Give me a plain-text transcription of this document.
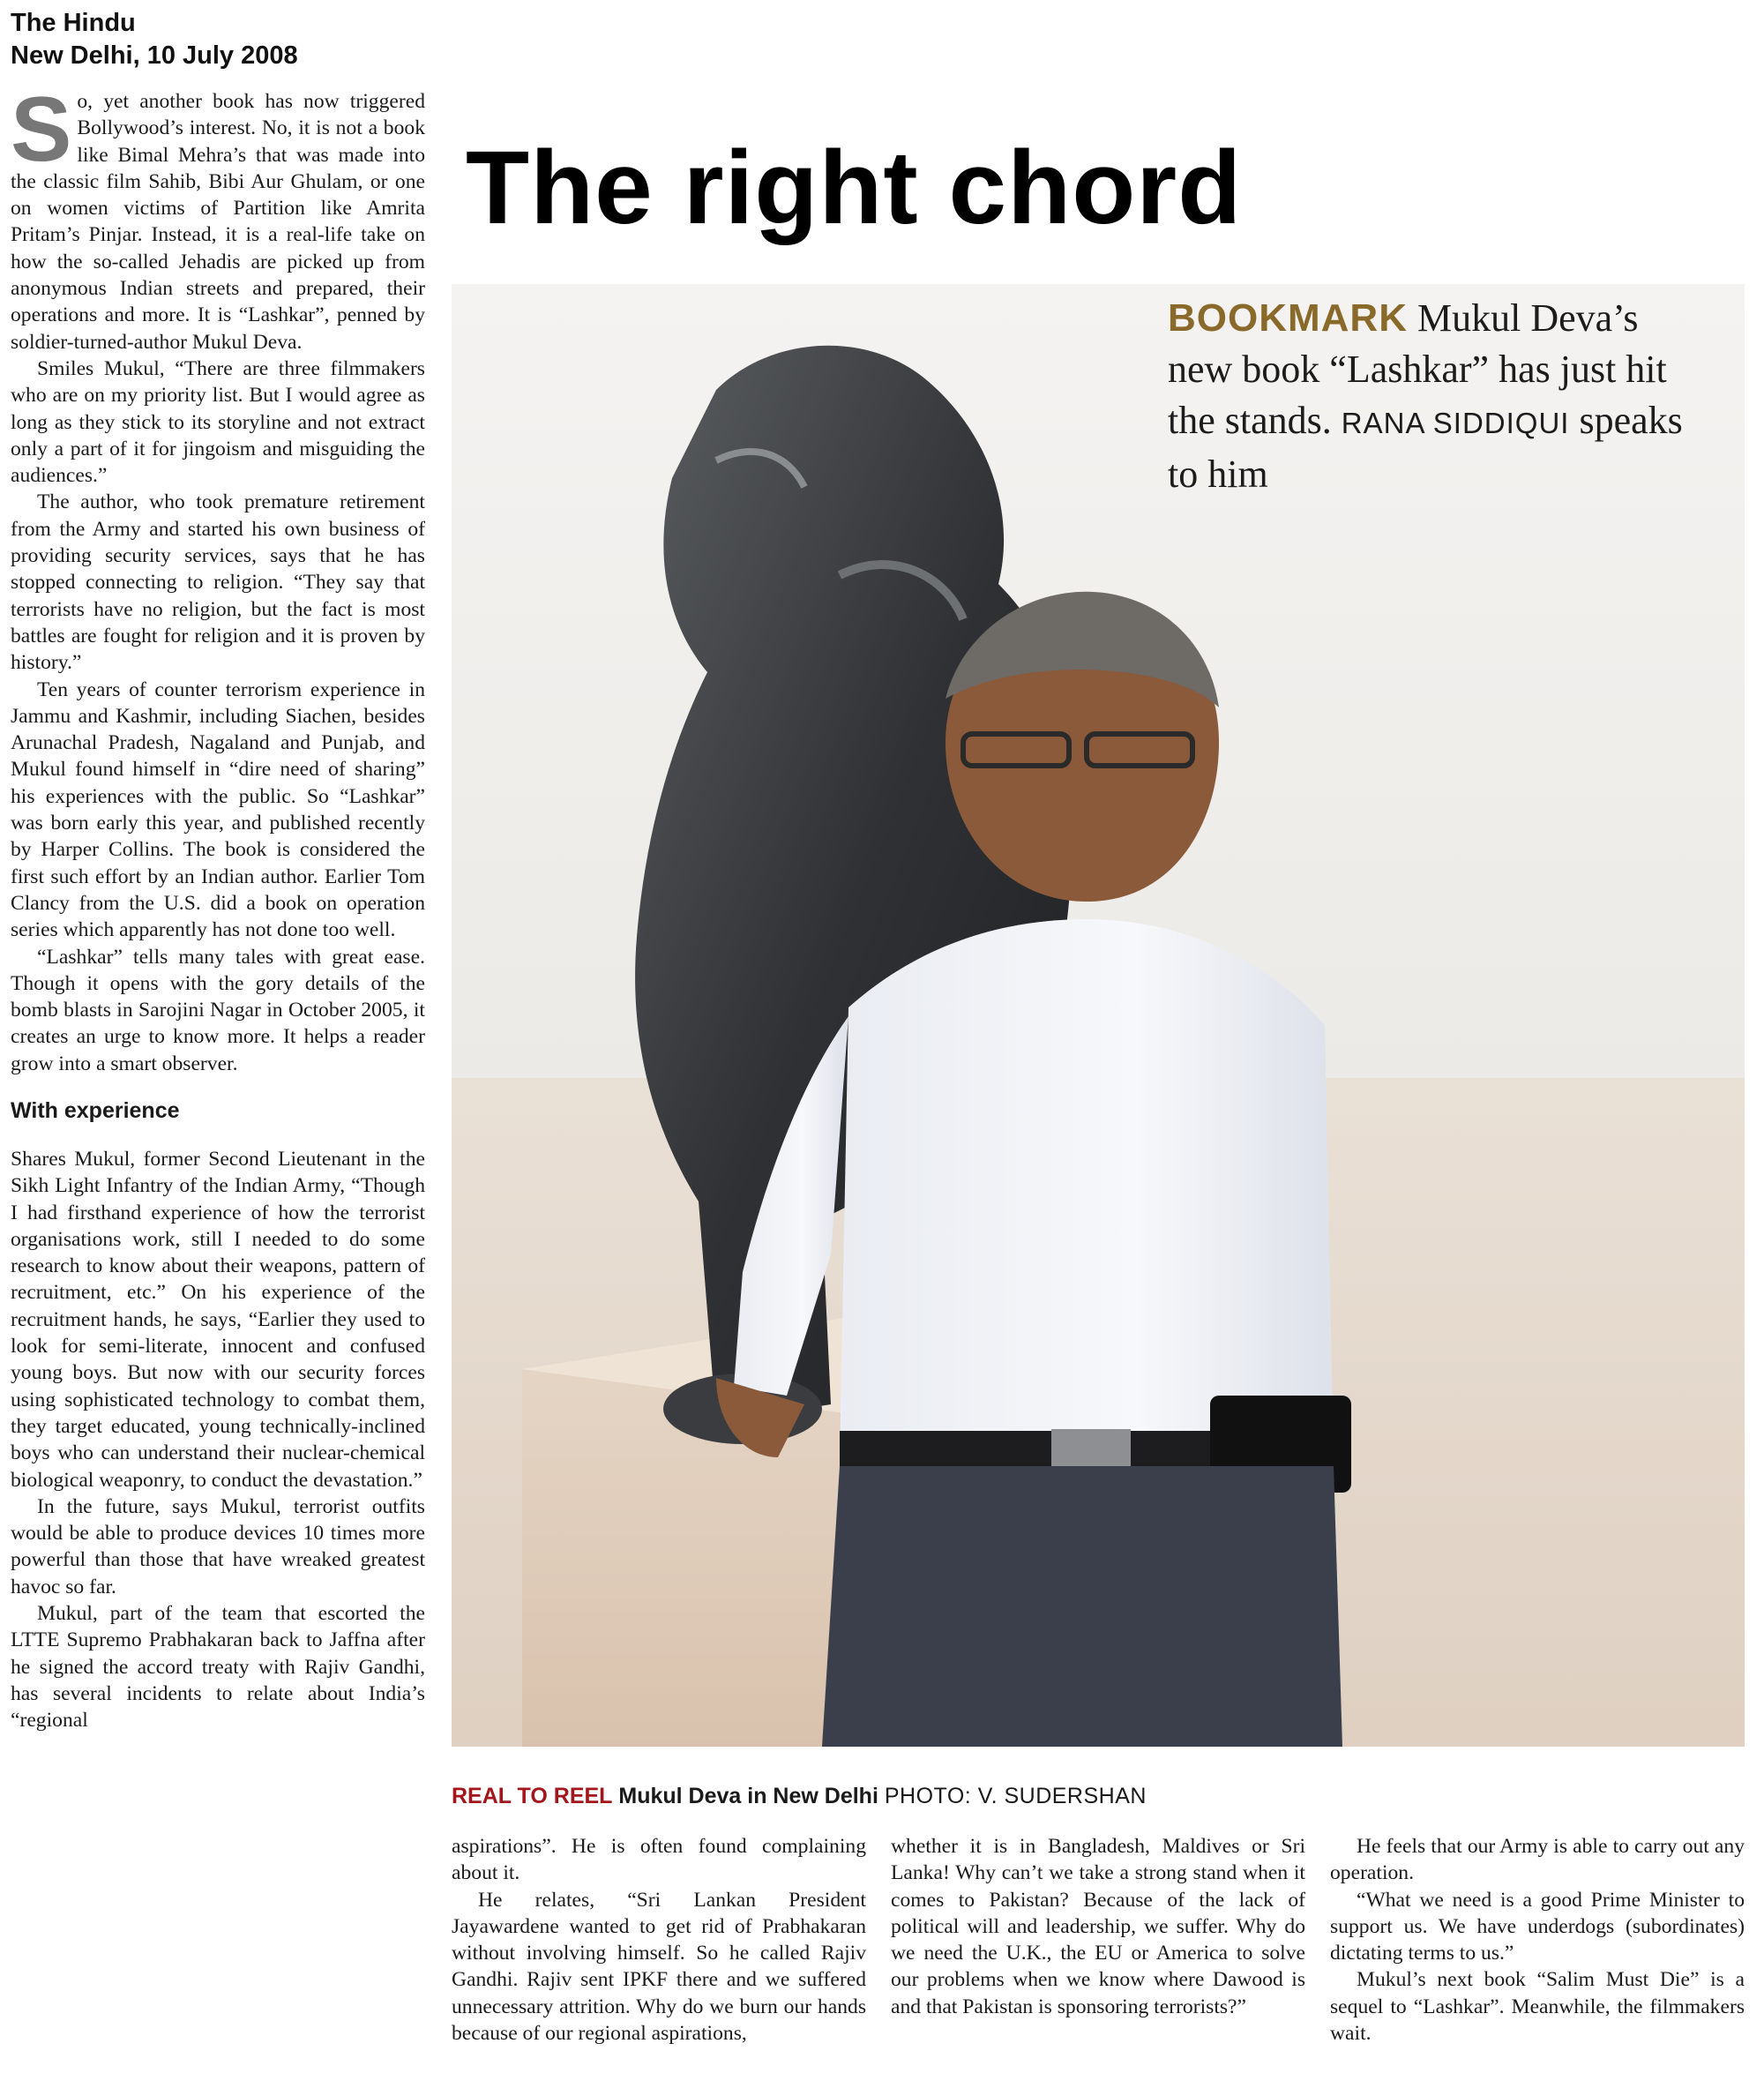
The Hindu
New Delhi, 10 July 2008
The right chord

So, yet another book has now triggered Bollywood’s interest. No, it is not a book like Bimal Mehra’s that was made into the classic film Sahib, Bibi Aur Ghulam, or one on women victims of Partition like Amrita Pritam’s Pinjar. Instead, it is a real-life take on how the so-called Jehadis are picked up from anonymous Indian streets and prepared, their operations and more. It is “Lashkar”, penned by soldier-turned-author Mukul Deva.

Smiles Mukul, “There are three filmmakers who are on my priority list. But I would agree as long as they stick to its storyline and not extract only a part of it for jingoism and misguiding the audiences.”

The author, who took premature retirement from the Army and started his own business of providing security services, says that he has stopped connecting to religion. “They say that terrorists have no religion, but the fact is most battles are fought for religion and it is proven by history.”

Ten years of counter terrorism experience in Jammu and Kashmir, including Siachen, besides Arunachal Pradesh, Nagaland and Punjab, and Mukul found himself in “dire need of sharing” his experiences with the public. So “Lashkar” was born early this year, and published recently by Harper Collins. The book is considered the first such effort by an Indian author. Earlier Tom Clancy from the U.S. did a book on operation series which apparently has not done too well.

“Lashkar” tells many tales with great ease. Though it opens with the gory details of the bomb blasts in Sarojini Nagar in October 2005, it creates an urge to know more. It helps a reader grow into a smart observer.

With experience

Shares Mukul, former Second Lieutenant in the Sikh Light Infantry of the Indian Army, “Though I had firsthand experience of how the terrorist organisations work, still I needed to do some research to know about their weapons, pattern of recruitment, etc.” On his experience of the recruitment hands, he says, “Earlier they used to look for semi-literate, innocent and confused young boys. But now with our security forces using sophisticated technology to combat them, they target educated, young technically-inclined boys who can understand their nuclear-chemical biological weaponry, to conduct the devastation.”

In the future, says Mukul, terrorist outfits would be able to produce devices 10 times more powerful than those that have wreaked greatest havoc so far.

Mukul, part of the team that escorted the LTTE Supremo Prabhakaran back to Jaffna after he signed the accord treaty with Rajiv Gandhi, has several incidents to relate about India’s “regional

BOOKMARK Mukul Deva’s new book “Lashkar” has just hit the stands. RANA SIDDIQUI speaks to him
REAL TO REEL Mukul Deva in New Delhi PHOTO: V. SUDERSHAN

aspirations”. He is often found complaining about it.

He relates, “Sri Lankan President Jayawardene wanted to get rid of Prabhakaran without involving himself. So he called Rajiv Gandhi. Rajiv sent IPKF there and we suffered unnecessary attrition. Why do we burn our hands because of our regional aspirations,

whether it is in Bangladesh, Maldives or Sri Lanka! Why can’t we take a strong stand when it comes to Pakistan? Because of the lack of political will and leadership, we suffer. Why do we need the U.K., the EU or America to solve our problems when we know where Dawood is and that Pakistan is sponsoring terrorists?”

He feels that our Army is able to carry out any operation.

“What we need is a good Prime Minister to support us. We have underdogs (subordinates) dictating terms to us.”

Mukul’s next book “Salim Must Die” is a sequel to “Lashkar”. Meanwhile, the filmmakers wait.
